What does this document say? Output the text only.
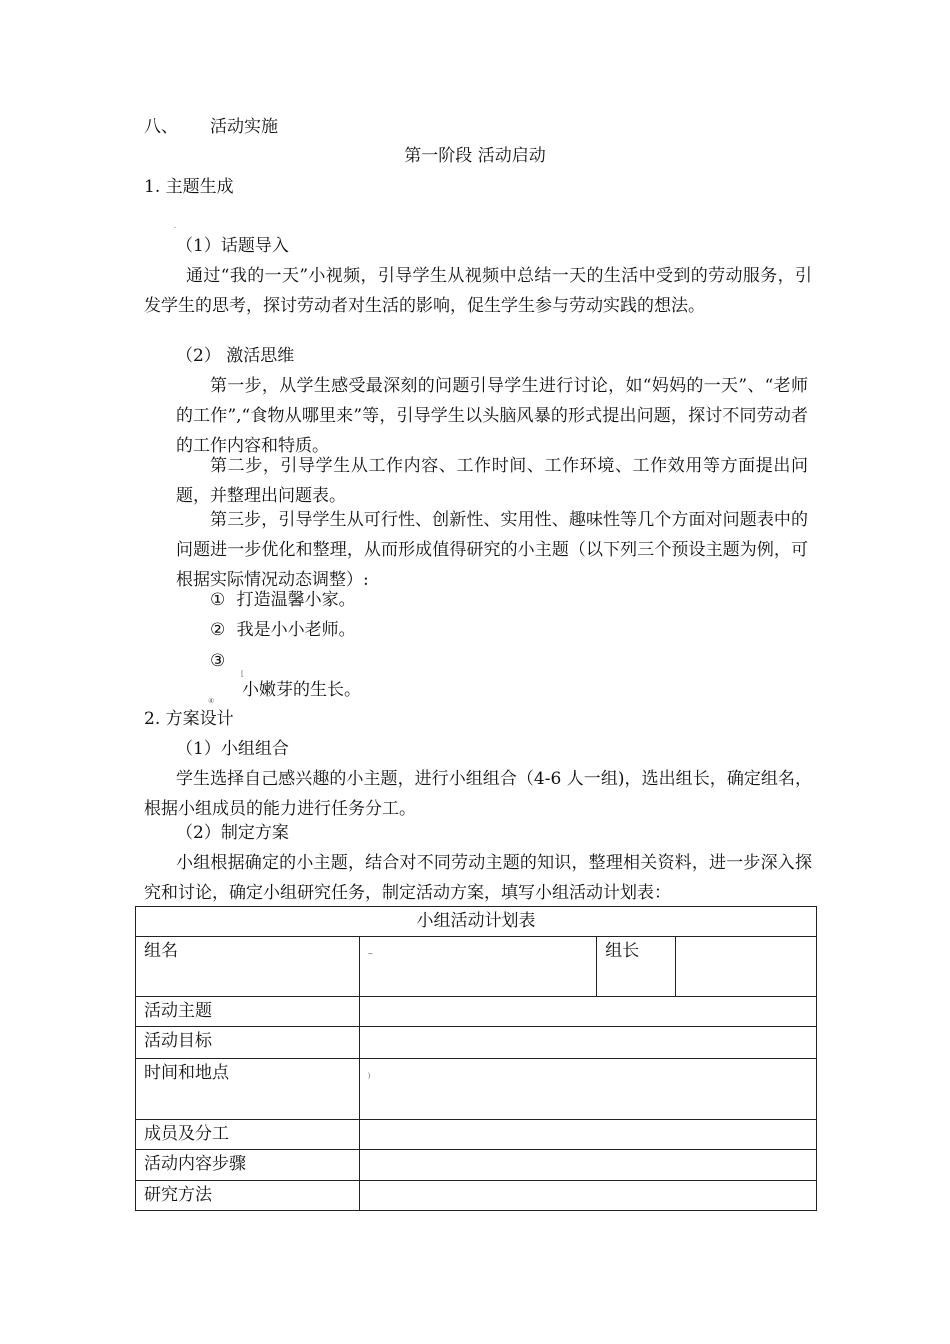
八、 活动实施
第一阶段 活动启动
1. 主题生成
·
（1）话题导入
通过“我的一天”小视频，引导学生从视频中总结一天的生活中受到的劳动服务，引发学生的思考，探讨劳动者对生活的影响，促生学生参与劳动实践的想法。
（2） 激活思维
第一步，从学生感受最深刻的问题引导学生进行讨论，如“妈妈的一天”、“老师的工作”,“食物从哪里来”等，引导学生以头脑风暴的形式提出问题，探讨不同劳动者的工作内容和特质。
第二步，引导学生从工作内容、工作时间、工作环境、工作效用等方面提出问题，并整理出问题表。
第三步，引导学生从可行性、创新性、实用性、趣味性等几个方面对问题表中的问题进一步优化和整理，从而形成值得研究的小主题（以下列三个预设主题为例，可根据实际情况动态调整）:
① 打造温馨小家。
② 我是小小老师。
③
[
小嫩芽的生长。
④
2. 方案设计
（1）小组组合
学生选择自己感兴趣的小主题，进行小组组合（4-6 人一组)，选出组长，确定组名，根据小组成员的能力进行任务分工。
（2）制定方案
小组根据确定的小主题，结合对不同劳动主题的知识，整理相关资料，进一步深入探究和讨论，确定小组研究任务，制定活动方案，填写小组活动计划表：
小组活动计划表			
组名	~	组长	
活动主题			
活动目标			
时间和地点	)		
成员及分工			
活动内容步骤			
研究方法			
